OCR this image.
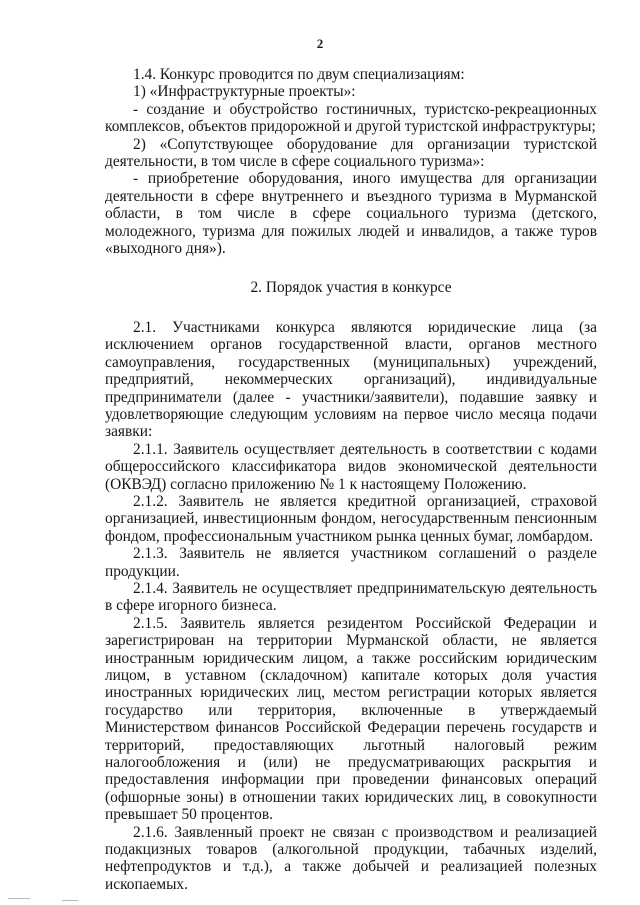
2

1.4. Конкурс проводится по двум специализациям:

1) «Инфраструктурные проекты»:

- создание и обустройство гостиничных, туристско-рекреационных комплексов, объектов придорожной и другой туристской инфраструктуры;

2) «Сопутствующее оборудование для организации туристской деятельности, в том числе в сфере социального туризма»:

- приобретение оборудования, иного имущества для организации деятельности в сфере внутреннего и въездного туризма в Мурманской области, в том числе в сфере социального туризма (детского, молодежного, туризма для пожилых людей и инвалидов, а также туров «выходного дня»).

2. Порядок участия в конкурсе

2.1. Участниками конкурса являются юридические лица (за исключением органов государственной власти, органов местного самоуправления, государственных (муниципальных) учреждений, предприятий, некоммерческих организаций), индивидуальные предприниматели (далее - участники/заявители), подавшие заявку и удовлетворяющие следующим условиям на первое число месяца подачи заявки:

2.1.1. Заявитель осуществляет деятельность в соответствии с кодами общероссийского классификатора видов экономической деятельности (ОКВЭД) согласно приложению № 1 к настоящему Положению.

2.1.2. Заявитель не является кредитной организацией, страховой организацией, инвестиционным фондом, негосударственным пенсионным фондом, профессиональным участником рынка ценных бумаг, ломбардом.

2.1.3. Заявитель не является участником соглашений о разделе продукции.

2.1.4. Заявитель не осуществляет предпринимательскую деятельность в сфере игорного бизнеса.

2.1.5. Заявитель является резидентом Российской Федерации и зарегистрирован на территории Мурманской области, не является иностранным юридическим лицом, а также российским юридическим лицом, в уставном (складочном) капитале которых доля участия иностранных юридических лиц, местом регистрации которых является государство или территория, включенные в утверждаемый Министерством финансов Российской Федерации перечень государств и территорий, предоставляющих льготный налоговый режим налогообложения и (или) не предусматривающих раскрытия и предоставления информации при проведении финансовых операций (офшорные зоны) в отношении таких юридических лиц, в совокупности превышает 50 процентов.

2.1.6. Заявленный проект не связан с производством и реализацией подакцизных товаров (алкогольной продукции, табачных изделий, нефтепродуктов и т.д.), а также добычей и реализацией полезных ископаемых.
